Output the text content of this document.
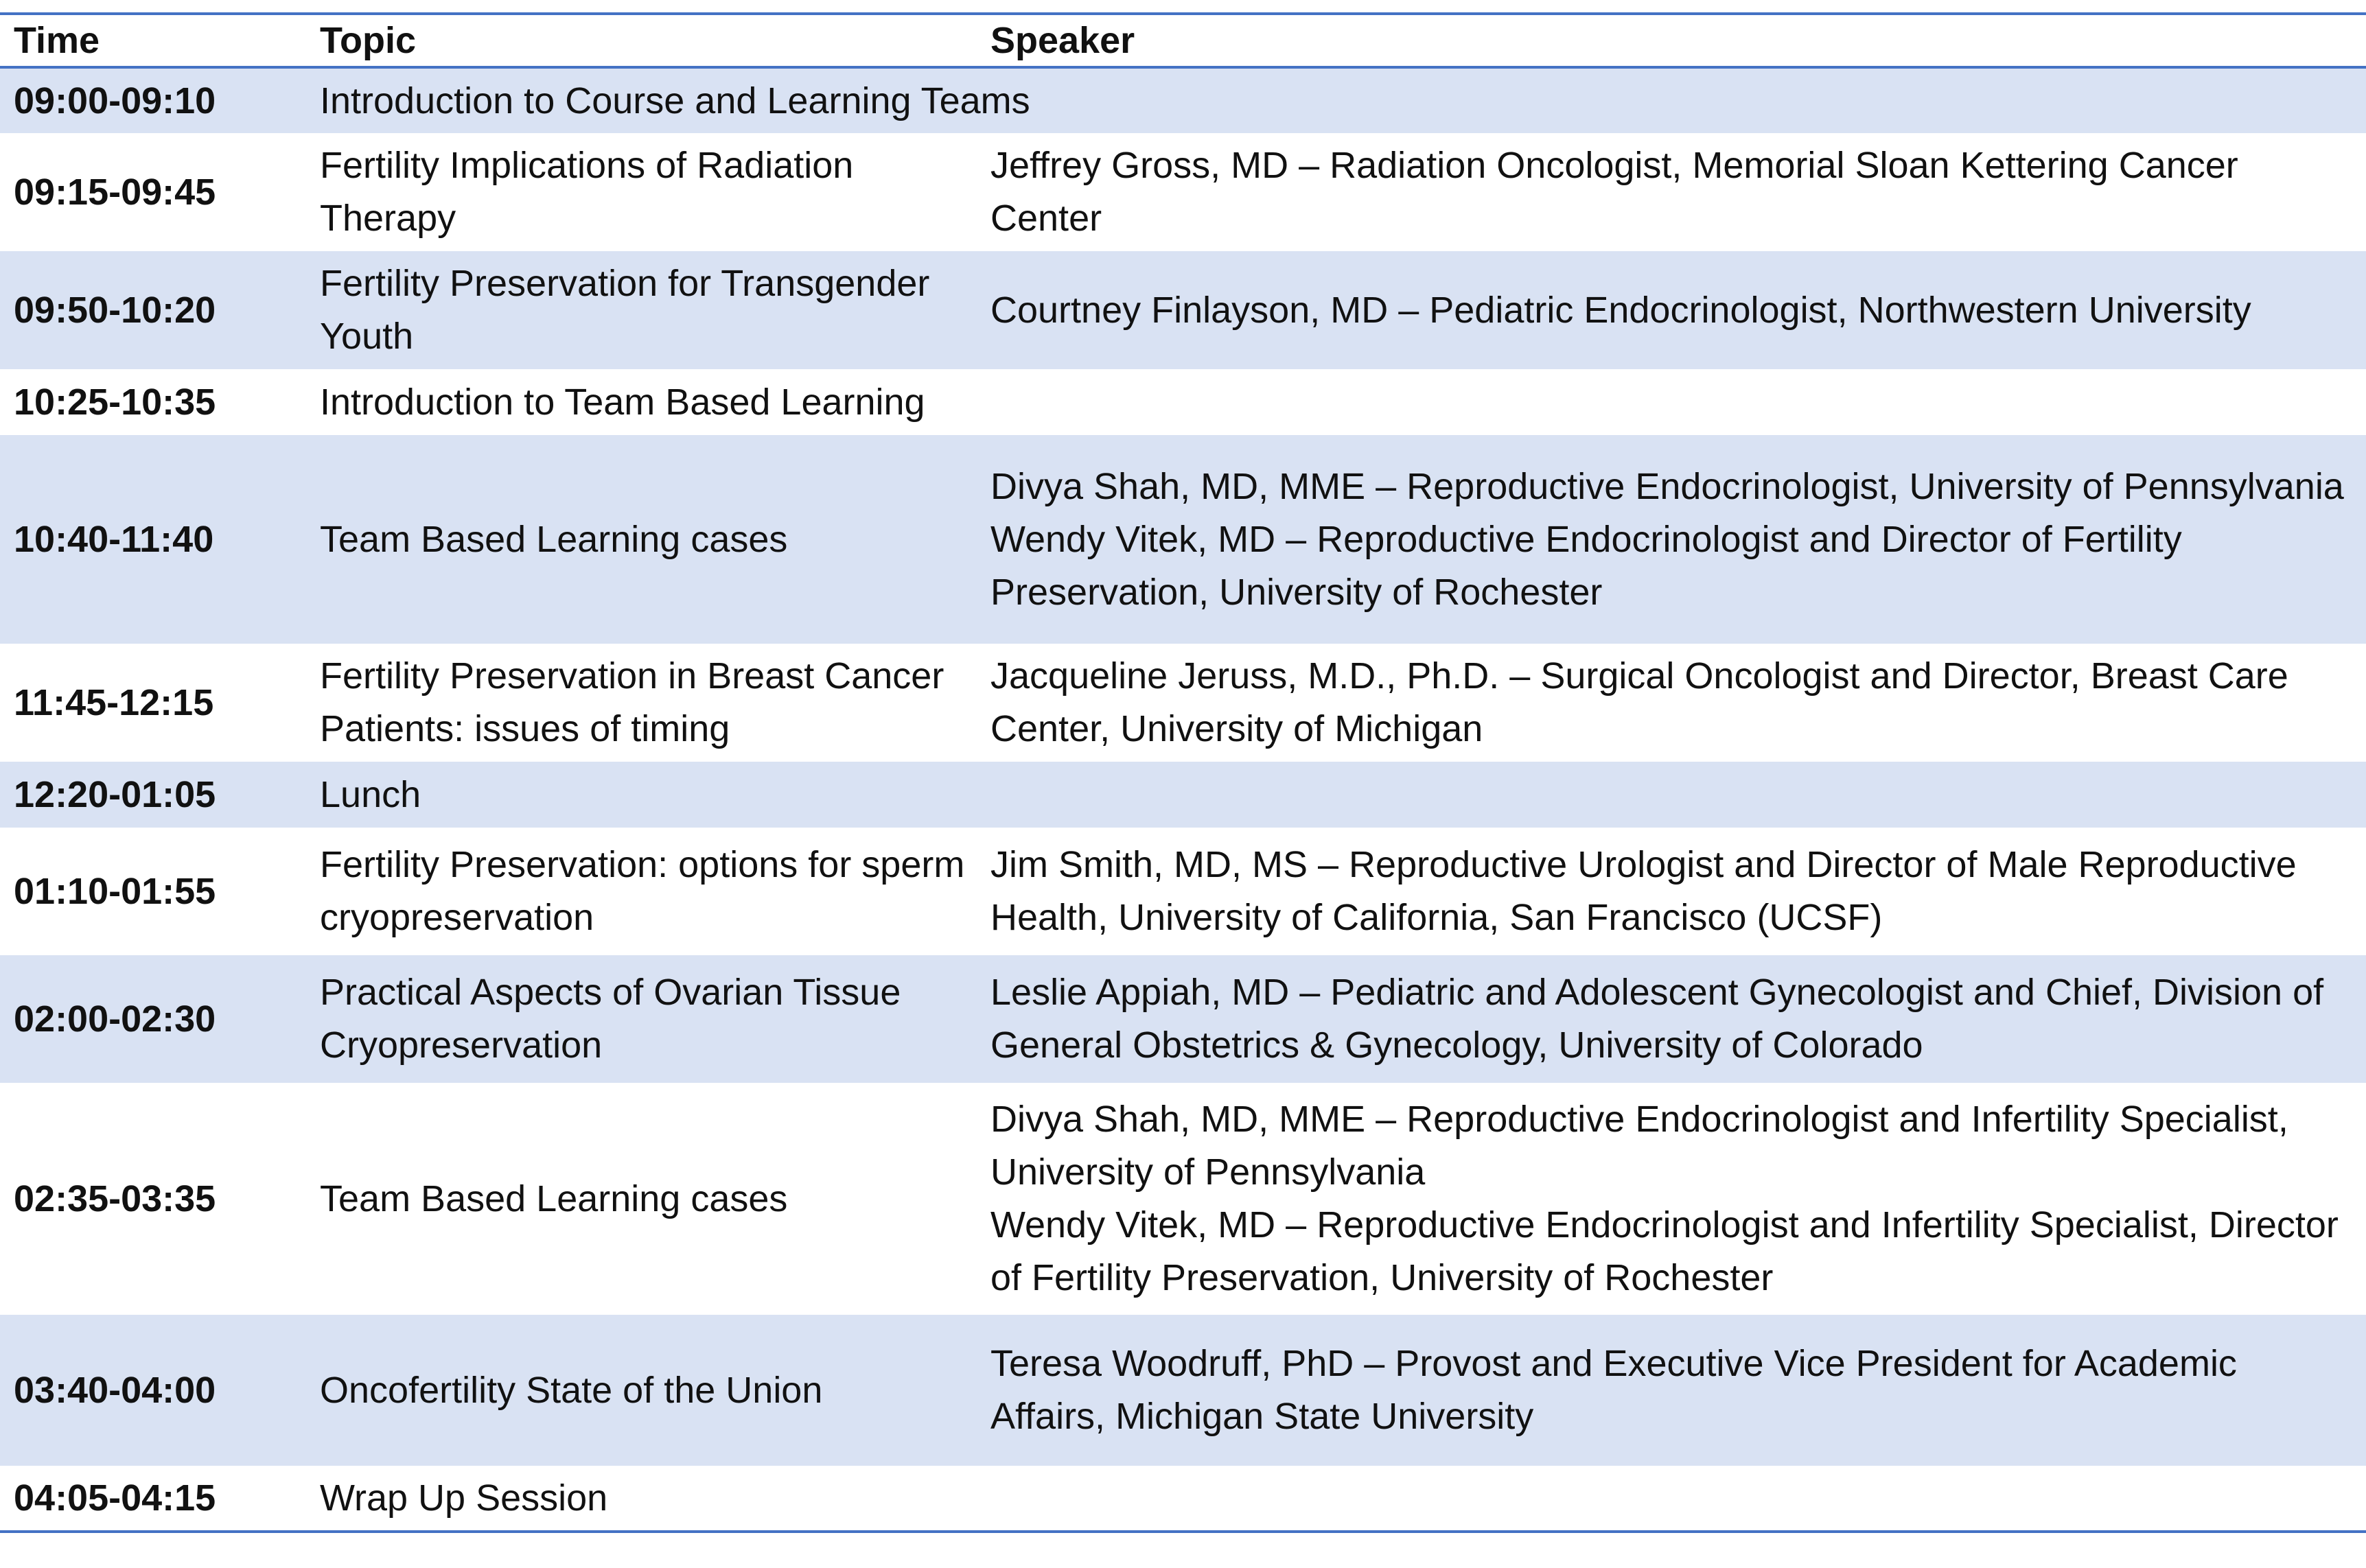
Time	Topic	Speaker
09:00-09:10	Introduction to Course and Learning Teams	
09:15-09:45	Fertility Implications of Radiation Therapy	Jeffrey Gross, MD – Radiation Oncologist, Memorial Sloan Kettering Cancer Center

09:50-10:20	Fertility Preservation for Transgender Youth	Courtney Finlayson, MD – Pediatric Endocrinologist, Northwestern University

10:25-10:35	Introduction to Team Based Learning	
10:40-11:40	Team Based Learning cases	Divya Shah, MD, MME – Reproductive Endocrinologist, University of Pennsylvania
Wendy Vitek, MD – Reproductive Endocrinologist and Director of Fertility Preservation, University of Rochester

11:45-12:15	Fertility Preservation in Breast Cancer Patients: issues of timing	Jacqueline Jeruss, M.D., Ph.D. – Surgical Oncologist and Director, Breast Care Center, University of Michigan

12:20-01:05	Lunch	
01:10-01:55	Fertility Preservation: options for sperm cryopreservation	Jim Smith, MD, MS – Reproductive Urologist and Director of Male Reproductive Health, University of California, San Francisco (UCSF)

02:00-02:30	Practical Aspects of Ovarian Tissue Cryopreservation	Leslie Appiah, MD – Pediatric and Adolescent Gynecologist and Chief, Division of General Obstetrics & Gynecology, University of Colorado

02:35-03:35	Team Based Learning cases	Divya Shah, MD, MME – Reproductive Endocrinologist and Infertility Specialist, University of Pennsylvania
Wendy Vitek, MD – Reproductive Endocrinologist and Infertility Specialist, Director of Fertility Preservation, University of Rochester

03:40-04:00	Oncofertility State of the Union	Teresa Woodruff, PhD – Provost and Executive Vice President for Academic Affairs, Michigan State University

04:05-04:15	Wrap Up Session	
